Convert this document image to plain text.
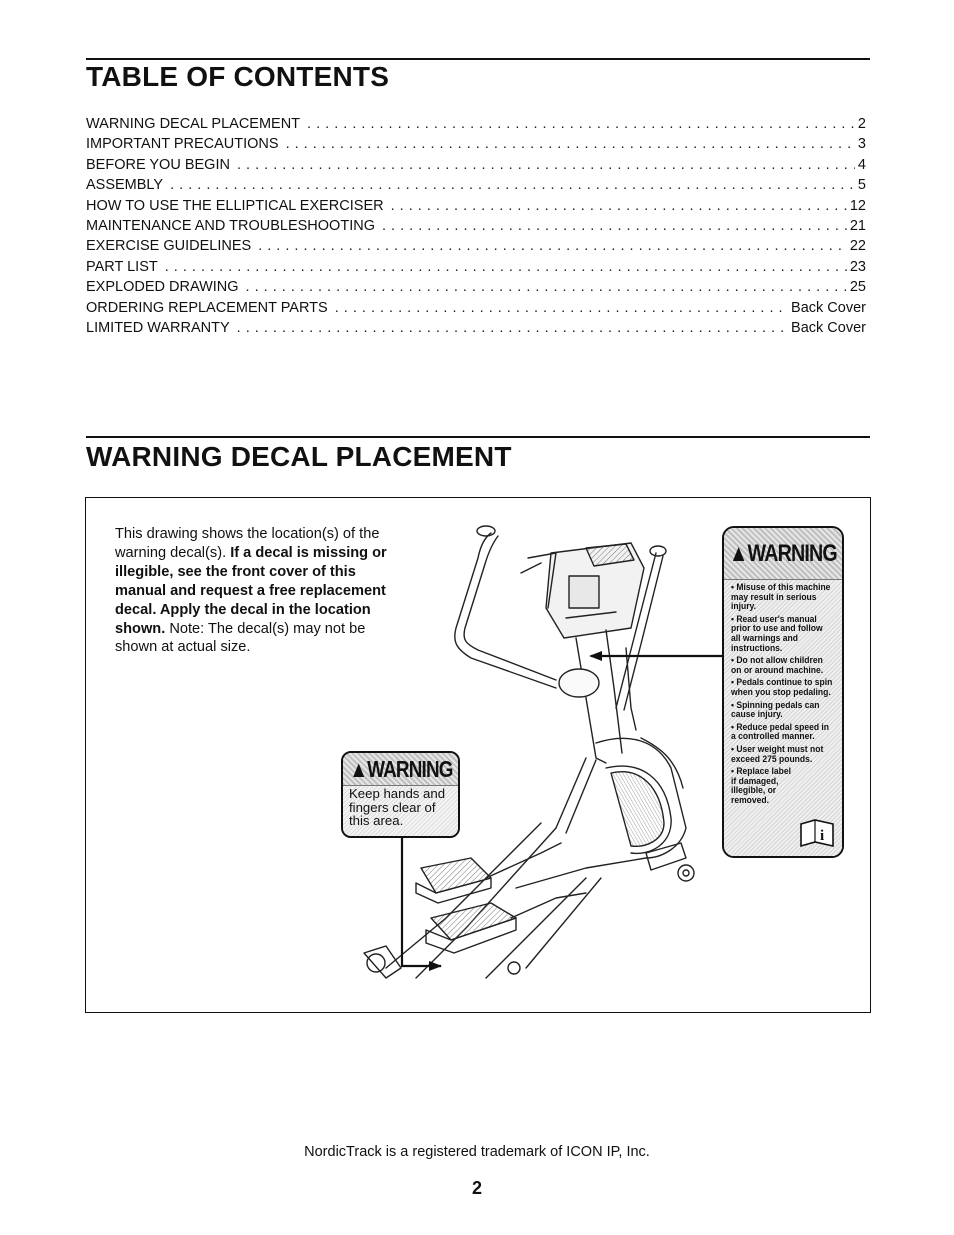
TABLE OF CONTENTS
WARNING DECAL PLACEMENT . . .	2
IMPORTANT PRECAUTIONS . . .	3
BEFORE YOU BEGIN . . .	4
ASSEMBLY . . .	5
HOW TO USE THE ELLIPTICAL EXERCISER . . .	12
MAINTENANCE AND TROUBLESHOOTING . . .	21
EXERCISE GUIDELINES . . .	22
PART LIST . . .	23
EXPLODED DRAWING . . .	25
ORDERING REPLACEMENT PARTS . . .	Back Cover
LIMITED WARRANTY . . .	Back Cover
WARNING DECAL PLACEMENT
This drawing shows the location(s) of the warning decal(s). If a decal is missing or illegible, see the front cover of this manual and request a free replacement decal. Apply the decal in the location shown. Note: The decal(s) may not be shown at actual size.
▲WARNING
• Misuse of this machine may result in serious injury.
• Read user's manual prior to use and follow all warnings and instructions.
• Do not allow children on or around machine.
• Pedals continue to spin when you stop pedaling.
• Spinning pedals can cause injury.
• Reduce pedal speed in a controlled manner.
• User weight must not exceed 275 pounds.
• Replace label if damaged, illegible, or removed.
i
▲WARNING
Keep hands and fingers clear of this area.
NordicTrack is a registered trademark of ICON IP, Inc.
2
